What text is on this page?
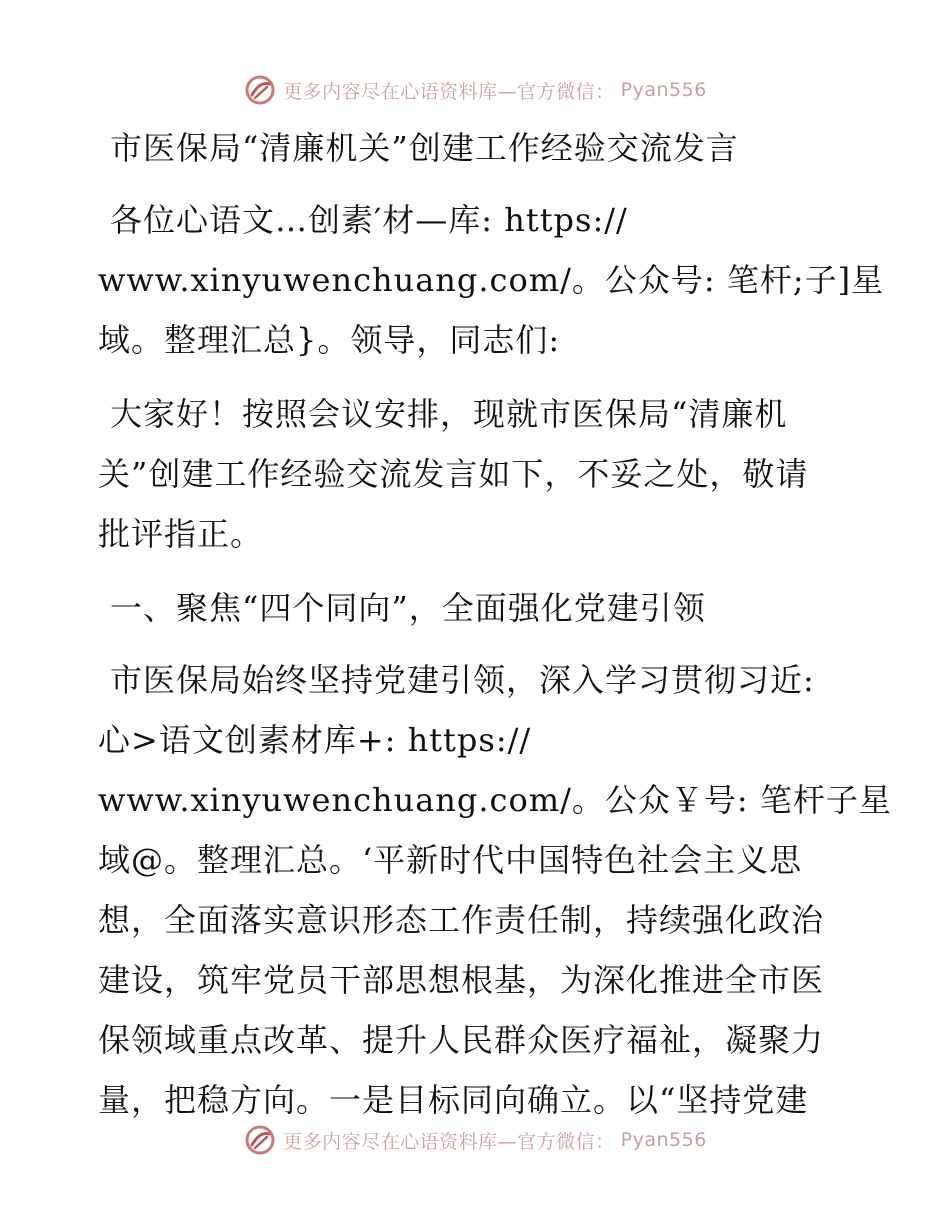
更多内容尽在心语资料库—官方微信： Pyan556
市医保局“清廉机关”创建工作经验交流发言
各位心语文…创素′材—库: https://
www.xinyuwenchuang.com/。公众号: 笔杆;子]星
域。整理汇总}。领导，同志们:
大家好！按照会议安排，现就市医保局“清廉机
关”创建工作经验交流发言如下，不妥之处，敬请
批评指正。
一、聚焦“四个同向”，全面强化党建引领
市医保局始终坚持党建引领，深入学习贯彻习近:
心>语文创素材库+: https://
www.xinyuwenchuang.com/。公众￥号: 笔杆子星
域@。整理汇总。‘平新时代中国特色社会主义思
想，全面落实意识形态工作责任制，持续强化政治
建设，筑牢党员干部思想根基，为深化推进全市医
保领域重点改革、提升人民群众医疗福祉，凝聚力
量，把稳方向。一是目标同向确立。以“坚持党建
更多内容尽在心语资料库—官方微信： Pyan556
